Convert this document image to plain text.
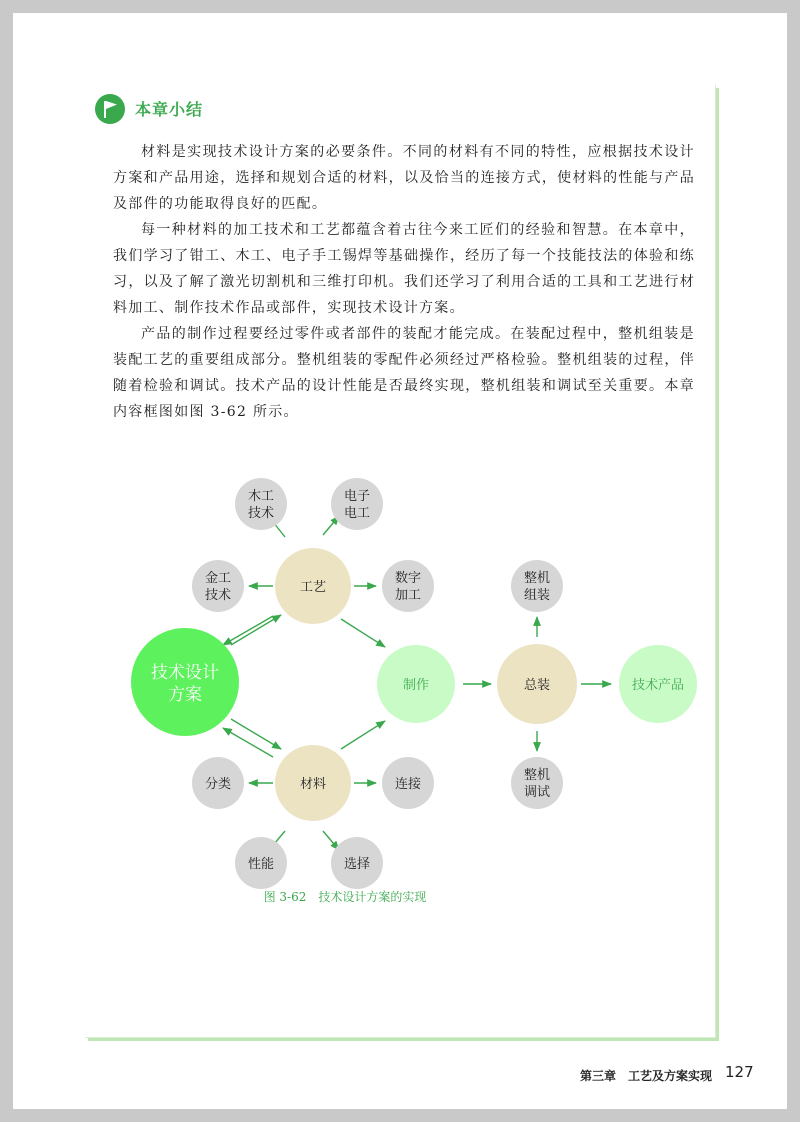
本章小结

材料是实现技术设计方案的必要条件。不同的材料有不同的特性，应根据技术设计方案和产品用途，选择和规划合适的材料，以及恰当的连接方式，使材料的性能与产品及部件的功能取得良好的匹配。

每一种材料的加工技术和工艺都蕴含着古往今来工匠们的经验和智慧。在本章中，我们学习了钳工、木工、电子手工锡焊等基础操作，经历了每一个技能技法的体验和练习，以及了解了激光切割机和三维打印机。我们还学习了利用合适的工具和工艺进行材料加工、制作技术作品或部件，实现技术设计方案。

产品的制作过程要经过零件或者部件的装配才能完成。在装配过程中，整机组装是装配工艺的重要组成部分。整机组装的零配件必须经过严格检验。整机组装的过程，伴随着检验和调试。技术产品的设计性能是否最终实现，整机组装和调试至关重要。本章内容框图如图 3-62 所示。

技术设计
方案
工艺
材料
制作	总装	技术产品
木工
技术
电子
电工
金工
技术
数字
加工
分类	连接
性能	选择
整机
组装
整机
调试
图 3-62　技术设计方案的实现
第三章　工艺及方案实现 127
